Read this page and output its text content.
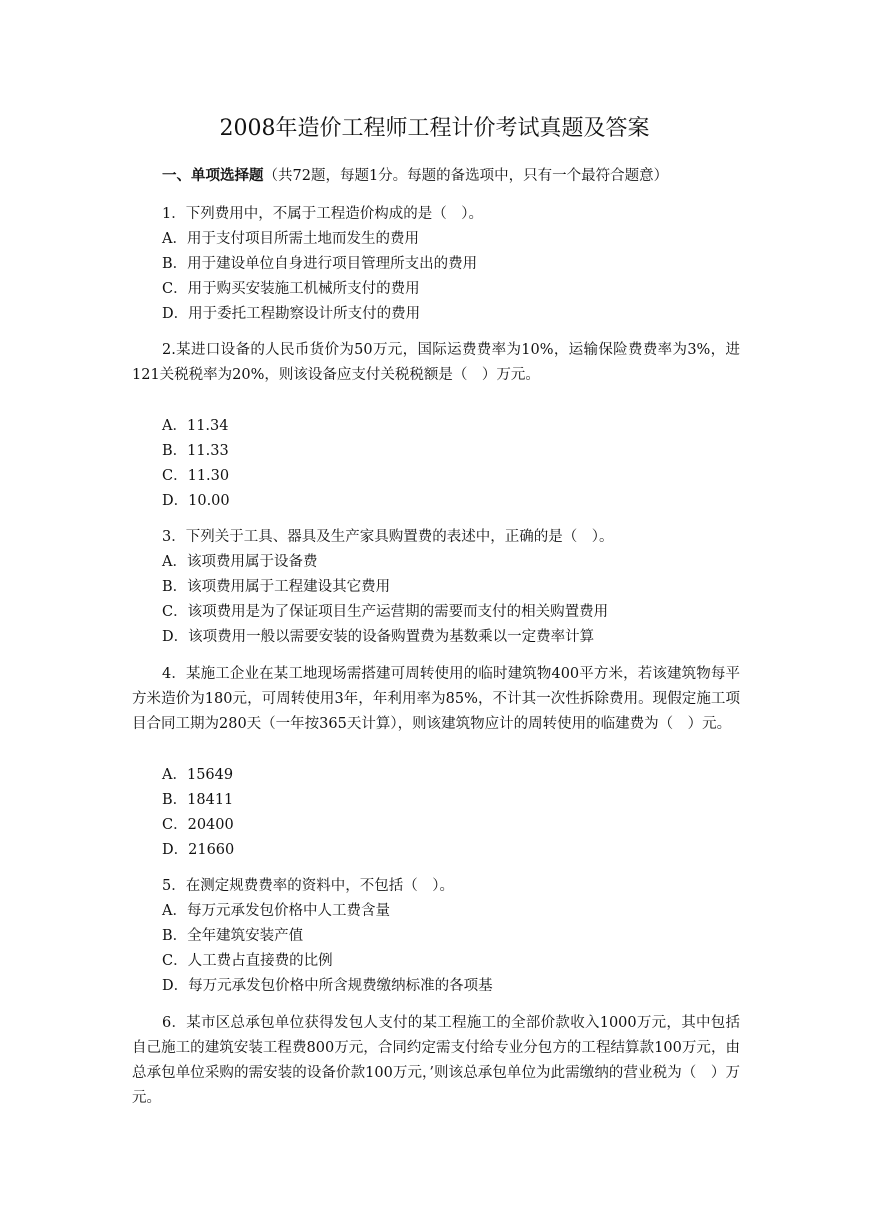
2008年造价工程师工程计价考试真题及答案
一、单项选择题（共72题，每题1分。每题的备选项中，只有一个最符合题意）
1．下列费用中，不属于工程造价构成的是（　）。
A．用于支付项目所需土地而发生的费用
B．用于建设单位自身进行项目管理所支出的费用
C．用于购买安装施工机械所支付的费用
D．用于委托工程勘察设计所支付的费用
2.某进口设备的人民币货价为50万元，国际运费费率为10%，运输保险费费率为3%，进121关税税率为20%，则该设备应支付关税税额是（　）万元。
A．11.34
B．11.33
C．11.30
D．10.00
3．下列关于工具、器具及生产家具购置费的表述中，正确的是（　）。
A．该项费用属于设备费
B．该项费用属于工程建设其它费用
C．该项费用是为了保证项目生产运营期的需要而支付的相关购置费用
D．该项费用一般以需要安装的设备购置费为基数乘以一定费率计算
4．某施工企业在某工地现场需搭建可周转使用的临时建筑物400平方米，若该建筑物每平方米造价为180元，可周转使用3年，年利用率为85%，不计其一次性拆除费用。现假定施工项目合同工期为280天（一年按365天计算），则该建筑物应计的周转使用的临建费为（　）元。
A．15649
B．18411
C．20400
D．21660
5．在测定规费费率的资料中，不包括（　）。
A．每万元承发包价格中人工费含量
B．全年建筑安装产值
C．人工费占直接费的比例
D．每万元承发包价格中所含规费缴纳标准的各项基
6．某市区总承包单位获得发包人支付的某工程施工的全部价款收入1000万元，其中包括自己施工的建筑安装工程费800万元，合同约定需支付给专业分包方的工程结算款100万元，由总承包单位采购的需安装的设备价款100万元，’则该总承包单位为此需缴纳的营业税为（　）万元。
